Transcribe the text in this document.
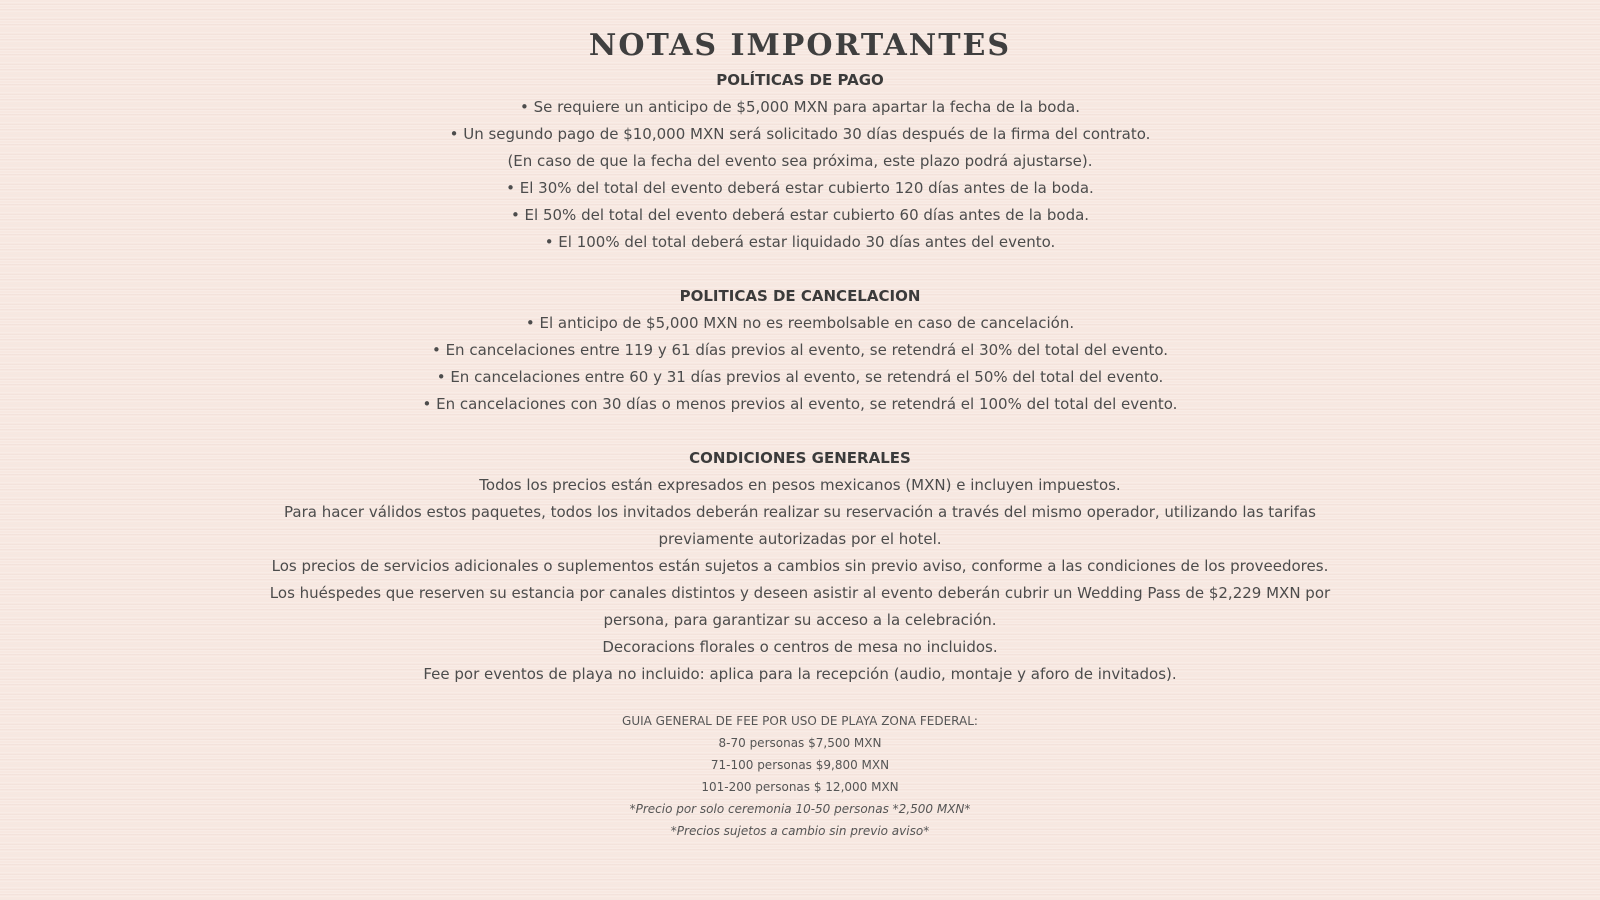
NOTAS IMPORTANTES

POLÍTICAS DE PAGO

• Se requiere un anticipo de $5,000 MXN para apartar la fecha de la boda.

• Un segundo pago de $10,000 MXN será solicitado 30 días después de la firma del contrato.

(En caso de que la fecha del evento sea próxima, este plazo podrá ajustarse).

• El 30% del total del evento deberá estar cubierto 120 días antes de la boda.

• El 50% del total del evento deberá estar cubierto 60 días antes de la boda.

• El 100% del total deberá estar liquidado 30 días antes del evento.

POLITICAS DE CANCELACION

• El anticipo de $5,000 MXN no es reembolsable en caso de cancelación.

• En cancelaciones entre 119 y 61 días previos al evento, se retendrá el 30% del total del evento.

• En cancelaciones entre 60 y 31 días previos al evento, se retendrá el 50% del total del evento.

• En cancelaciones con 30 días o menos previos al evento, se retendrá el 100% del total del evento.

CONDICIONES GENERALES

Todos los precios están expresados en pesos mexicanos (MXN) e incluyen impuestos.

Para hacer válidos estos paquetes, todos los invitados deberán realizar su reservación a través del mismo operador, utilizando las tarifas previamente autorizadas por el hotel.

Los precios de servicios adicionales o suplementos están sujetos a cambios sin previo aviso, conforme a las condiciones de los proveedores.

Los huéspedes que reserven su estancia por canales distintos y deseen asistir al evento deberán cubrir un Wedding Pass de $2,229 MXN por persona, para garantizar su acceso a la celebración.

Decoracions florales o centros de mesa no incluidos.

Fee por eventos de playa no incluido: aplica para la recepción (audio, montaje y aforo de invitados).

GUIA GENERAL DE FEE POR USO DE PLAYA ZONA FEDERAL:

8-70 personas $7,500 MXN

71-100 personas $9,800 MXN

101-200 personas $ 12,000 MXN

*Precio por solo ceremonia 10-50 personas *2,500 MXN*

*Precios sujetos a cambio sin previo aviso*
